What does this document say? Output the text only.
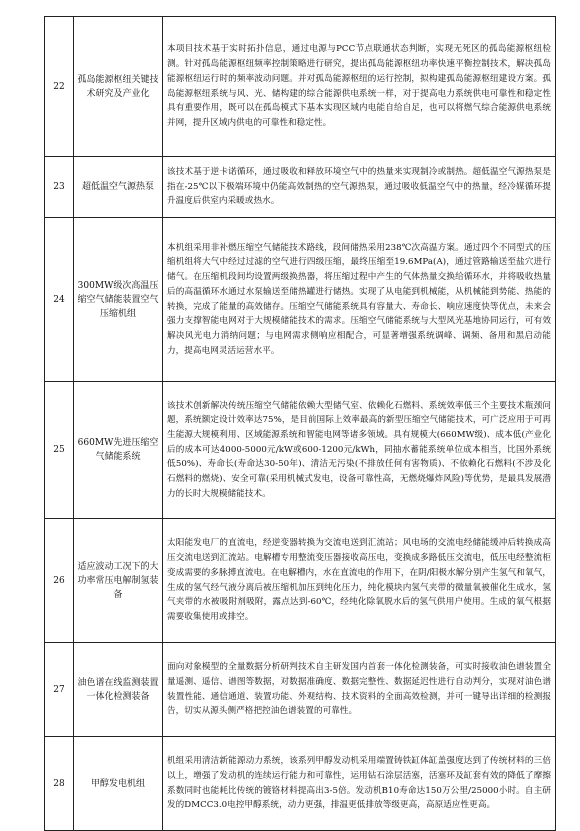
22	孤岛能源枢纽关键技术研究及产业化	本项目技术基于实时拓扑信息，通过电源与PCC节点联通状态判断，实现无死区的孤岛能源枢纽检测。针对孤岛能源枢纽频率控制策略进行研究，提出孤岛能源枢纽功率快速平衡控制技术，解决孤岛能源枢纽运行时的频率波动问题。并对孤岛能源枢纽的运行控制，拟构建孤岛能源枢纽建设方案。孤岛能源枢纽系统与风、光、储构建的综合能源供电系统一样，对于提高电力系统供电可靠性和稳定性具有重要作用，既可以在孤岛模式下基本实现区域内电能自给自足，也可以将燃气综合能源供电系统并网，提升区域内供电的可靠性和稳定性。
23	超低温空气源热泵	该技术基于逆卡诺循环，通过吸收和释放环境空气中的热量来实现制冷或制热。超低温空气源热泵是指在-25℃以下极端环境中仍能高效制热的空气源热泵，通过吸收低温空气中的热量，经冷媒循环提升温度后供室内采暖或热水。
24	300MW级次高温压缩空气储能装置空气压缩机组	本机组采用非补燃压缩空气储能技术路线，段间储热采用238℃次高温方案。通过四个不同型式的压缩机组将大气中经过过滤的空气进行四级压缩，最终压缩至19.6MPa(A)，通过管路输送至盐穴进行储气。在压缩机段间均设置两级换热器，将压缩过程中产生的气体热量交换给循环水，并将吸收热量后的高温循环水通过水泵输送至储热罐进行储热。实现了从电能到机械能，从机械能到势能、热能的转换，完成了能量的高效储存。压缩空气储能系统具有容量大、寿命长、响应速度快等优点，未来会强力支撑智能电网对于大规模储能技术的需求。压缩空气储能系统与大型风光基地协同运行，可有效解决风光电力消纳问题；与电网需求侧响应相配合，可显著增强系统调峰、调频、备用和黑启动能力，提高电网灵活运营水平。
25	660MW先进压缩空气储能系统	该技术创新解决传统压缩空气储能依赖大型储气室、依赖化石燃料、系统效率低三个主要技术瓶颈问题，系统额定设计效率达75%，是目前国际上效率最高的新型压缩空气储能技术，可广泛应用于可再生能源大规模利用、区域能源系统和智能电网等诸多领域。具有规模大(660MW级)、成本低(产业化后的成本可达4000-5000元/kW或600-1200元/kWh，同抽水蓄能系统单位成本相当，比国外系统低50%)、寿命长(寿命达30-50年)、清洁无污染(不排放任何有害物质)、不依赖化石燃料(不涉及化石燃料的燃烧)、安全可靠(采用机械式发电，设备可靠性高，无燃烧爆炸风险)等优势，是最具发展潜力的长时大规模储能技术。
26	适应波动工况下的大功率常压电解制氢装备	太阳能发电厂的直流电，经逆变器转换为交流电送到汇流站；风电场的交流电经储能缓冲后转换成高压交流电送到汇流站。电解槽专用整流变压器接收高压电，变换成多路低压交流电，低压电经整流柜变成需要的多脉搏直流电。在电解槽内，水在直流电的作用下，在阴/阳极水解分别产生氢气和氧气，生成的氢气经气液分离后被压缩机加压到纯化压力，纯化模块内氢气夹带的微量氧被催化生成水，氢气夹带的水被吸附剂吸附，露点达到-60℃，经纯化除氧脱水后的氢气供用户使用。生成的氧气根据需要收集使用或排空。
27	油色谱在线监测装置一体化检测装备	面向对象模型的全量数据分析研判技术自主研发国内首套一体化检测装备，可实时接收油色谱装置全量遥测、遥信、谱图等数据，对数据准确度、数据完整性、数据延迟性进行自动判分，实现对油色谱装置性能、通信通道、装置功能、外观结构、技术资料的全面高效检测，并可一键导出详细的检测报告，切实从源头侧严格把控油色谱装置的可靠性。
28	甲醇发电机组	机组采用清洁新能源动力系统，该系列甲醇发动机采用端置铸铁缸体缸盖强度达到了传统材料的三倍以上，增强了发动机的连续运行能力和可靠性，运用钻石涂层活塞，活塞环及缸套有效的降低了摩擦系数同时也能耗比传统的镀铬材料提高出3-5倍。发动机B10寿命达150万公里/25000小时。自主研发的DMCC3.0电控甲醇系统，动力更强，排温更低排放等级更高，高原适应性更高。
